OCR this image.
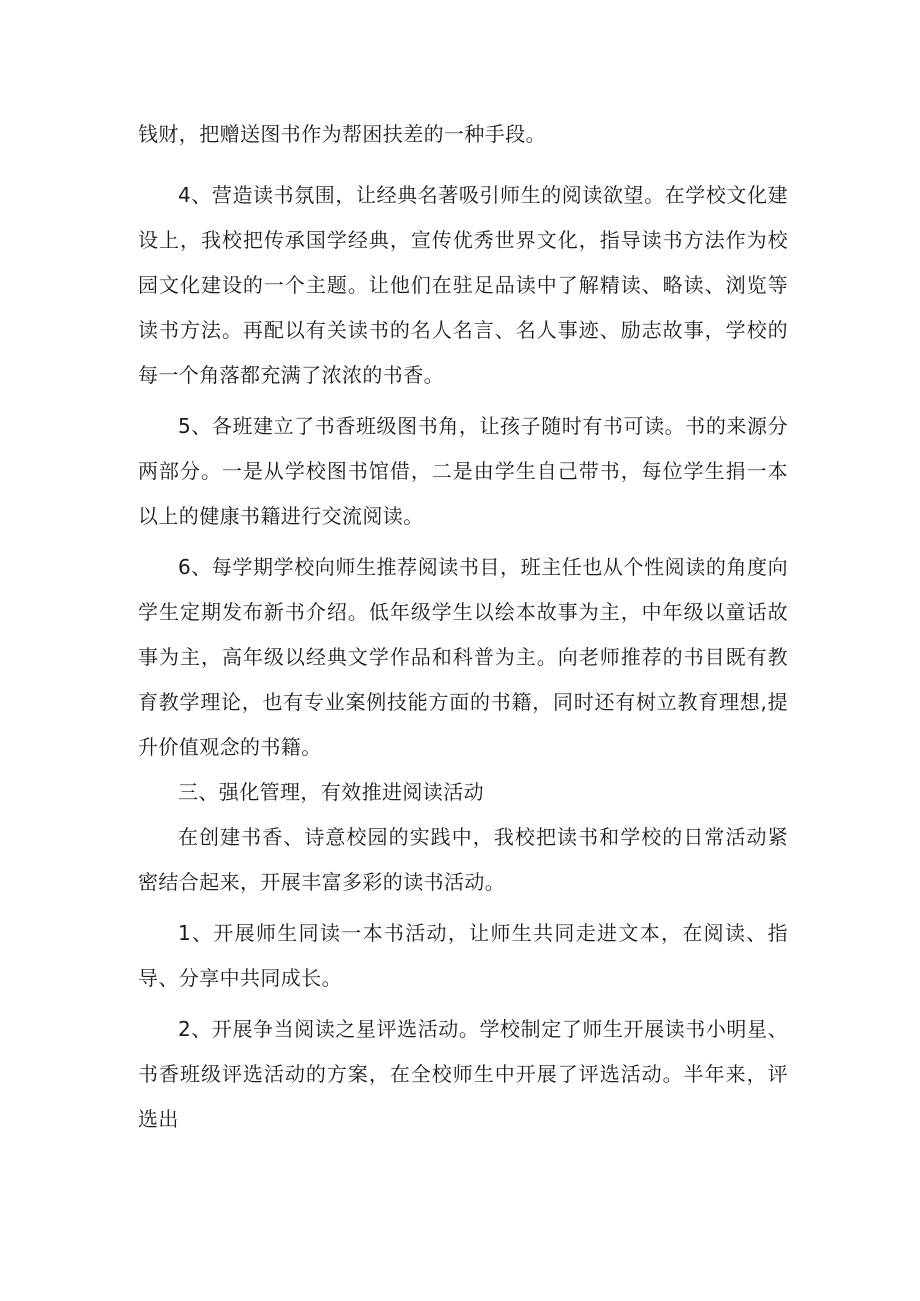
钱财，把赠送图书作为帮困扶差的一种手段。

4、营造读书氛围，让经典名著吸引师生的阅读欲望。在学校文化建设上，我校把传承国学经典，宣传优秀世界文化，指导读书方法作为校园文化建设的一个主题。让他们在驻足品读中了解精读、略读、浏览等读书方法。再配以有关读书的名人名言、名人事迹、励志故事，学校的每一个角落都充满了浓浓的书香。

5、各班建立了书香班级图书角，让孩子随时有书可读。书的来源分两部分。一是从学校图书馆借，二是由学生自己带书，每位学生捐一本以上的健康书籍进行交流阅读。

6、每学期学校向师生推荐阅读书目，班主任也从个性阅读的角度向学生定期发布新书介绍。低年级学生以绘本故事为主，中年级以童话故事为主，高年级以经典文学作品和科普为主。向老师推荐的书目既有教育教学理论，也有专业案例技能方面的书籍，同时还有树立教育理想,提升价值观念的书籍。

三、强化管理，有效推进阅读活动

在创建书香、诗意校园的实践中，我校把读书和学校的日常活动紧密结合起来，开展丰富多彩的读书活动。

1、开展师生同读一本书活动，让师生共同走进文本，在阅读、指导、分享中共同成长。

2、开展争当阅读之星评选活动。学校制定了师生开展读书小明星、书香班级评选活动的方案，在全校师生中开展了评选活动。半年来，评选出
